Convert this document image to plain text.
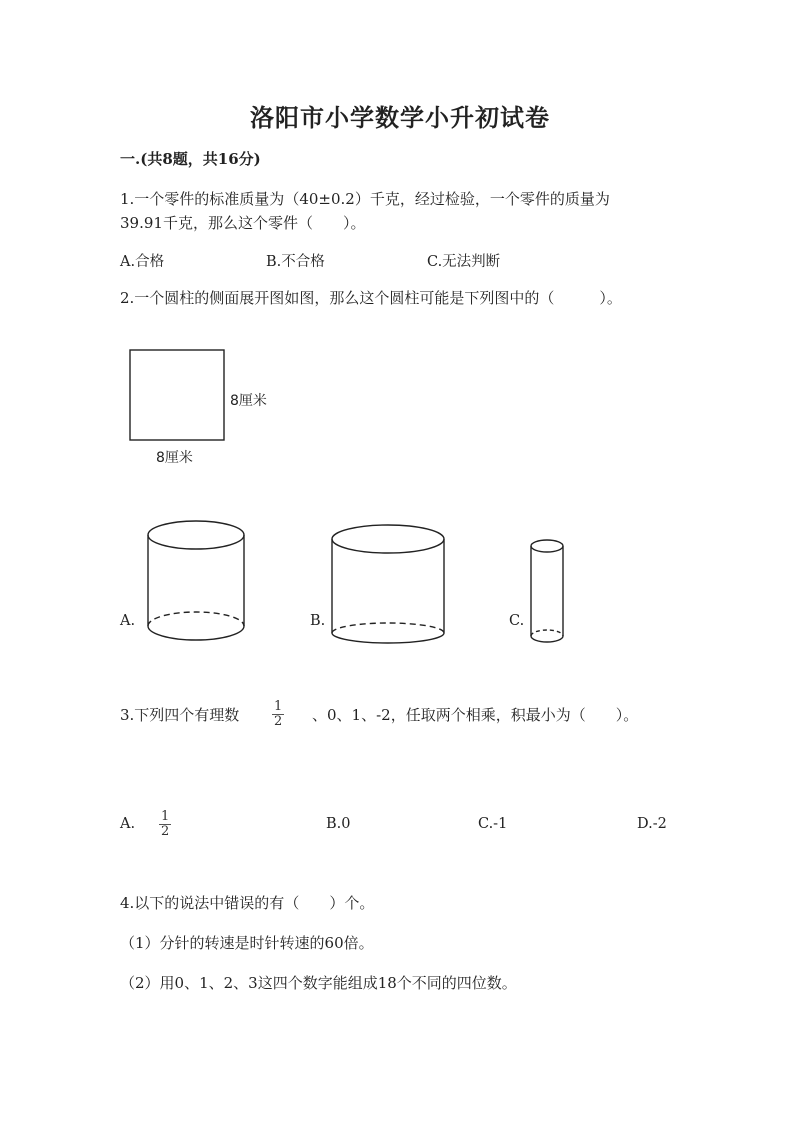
洛阳市小学数学小升初试卷
一.(共8题，共16分)
1.一个零件的标准质量为（40±0.2）千克，经过检验，一个零件的质量为
39.91千克，那么这个零件（　　）。
A.合格	B.不合格	C.无法判断
2.一个圆柱的侧面展开图如图，那么这个圆柱可能是下列图中的（　　　）。
8厘米
8厘米
A.	B.	C.
3.下列四个有理数	$\frac{1}{2}$ 、0、1、-2，任取两个相乘，积最小为（　　）。
A. $\frac{1}{2}$	B.0	C.-1	D.-2
4.以下的说法中错误的有（　　）个。
（1）分针的转速是时针转速的60倍。
（2）用0、1、2、3这四个数字能组成18个不同的四位数。
